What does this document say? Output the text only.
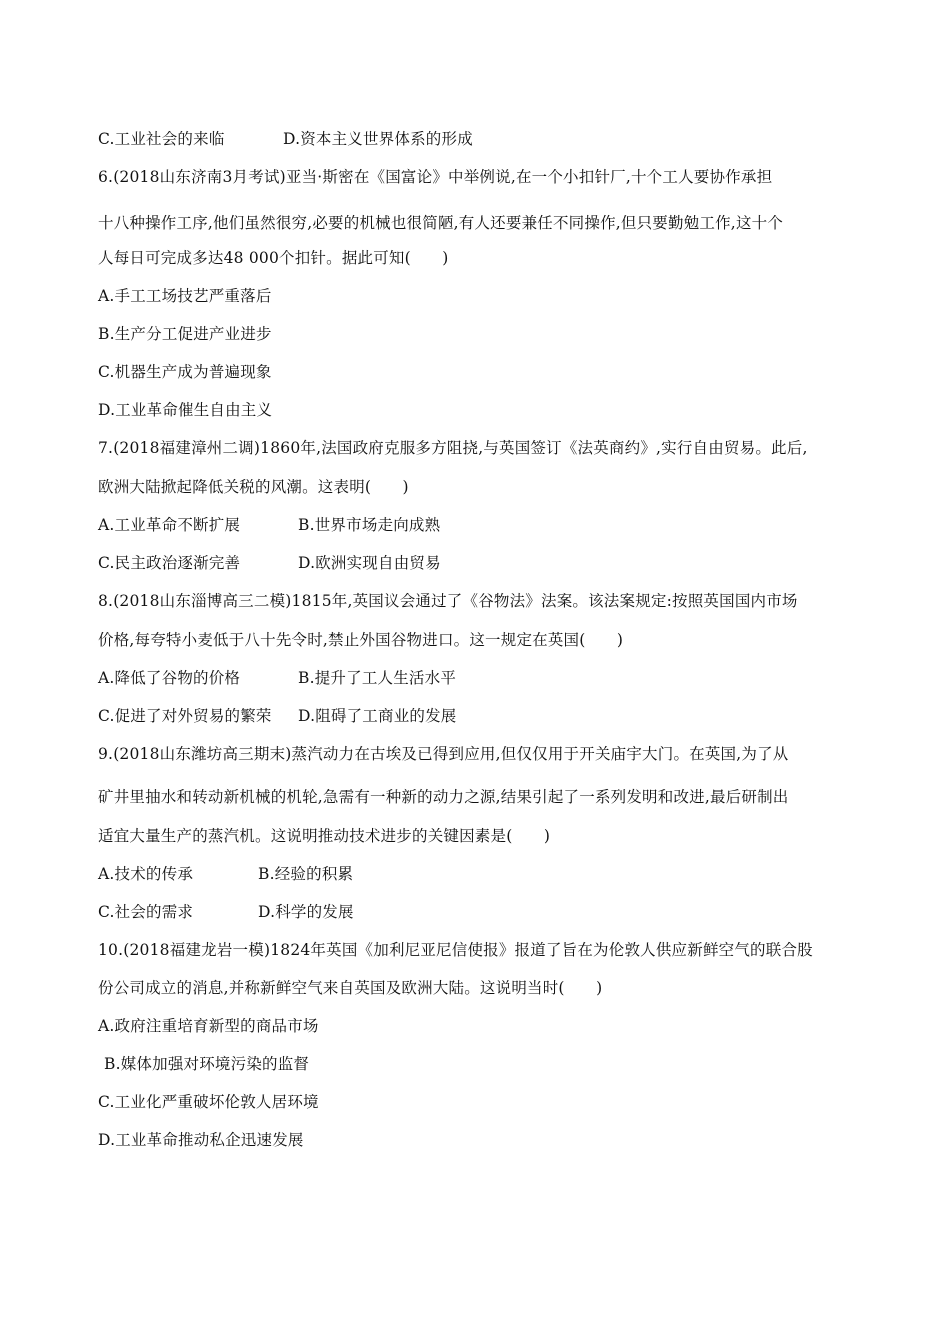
C.工业社会的来临	D.资本主义世界体系的形成
6.(2018山东济南3月考试)亚当·斯密在《国富论》中举例说,在一个小扣针厂,十个工人要协作承担
十八种操作工序,他们虽然很穷,必要的机械也很简陋,有人还要兼任不同操作,但只要勤勉工作,这十个
人每日可完成多达48 000个扣针。据此可知(　　)
A.手工工场技艺严重落后
B.生产分工促进产业进步
C.机器生产成为普遍现象
D.工业革命催生自由主义
7.(2018福建漳州二调)1860年,法国政府克服多方阻挠,与英国签订《法英商约》,实行自由贸易。此后,
欧洲大陆掀起降低关税的风潮。这表明(　　)
A.工业革命不断扩展	B.世界市场走向成熟
C.民主政治逐渐完善	D.欧洲实现自由贸易
8.(2018山东淄博高三二模)1815年,英国议会通过了《谷物法》法案。该法案规定:按照英国国内市场
价格,每夸特小麦低于八十先令时,禁止外国谷物进口。这一规定在英国(　　)
A.降低了谷物的价格	B.提升了工人生活水平
C.促进了对外贸易的繁荣 D.阻碍了工商业的发展
9.(2018山东潍坊高三期末)蒸汽动力在古埃及已得到应用,但仅仅用于开关庙宇大门。在英国,为了从
矿井里抽水和转动新机械的机轮,急需有一种新的动力之源,结果引起了一系列发明和改进,最后研制出
适宜大量生产的蒸汽机。这说明推动技术进步的关键因素是(　　)
A.技术的传承	B.经验的积累
C.社会的需求	D.科学的发展
10.(2018福建龙岩一模)1824年英国《加利尼亚尼信使报》报道了旨在为伦敦人供应新鲜空气的联合股
份公司成立的消息,并称新鲜空气来自英国及欧洲大陆。这说明当时(　　)
A.政府注重培育新型的商品市场
B.媒体加强对环境污染的监督
C.工业化严重破坏伦敦人居环境
D.工业革命推动私企迅速发展
